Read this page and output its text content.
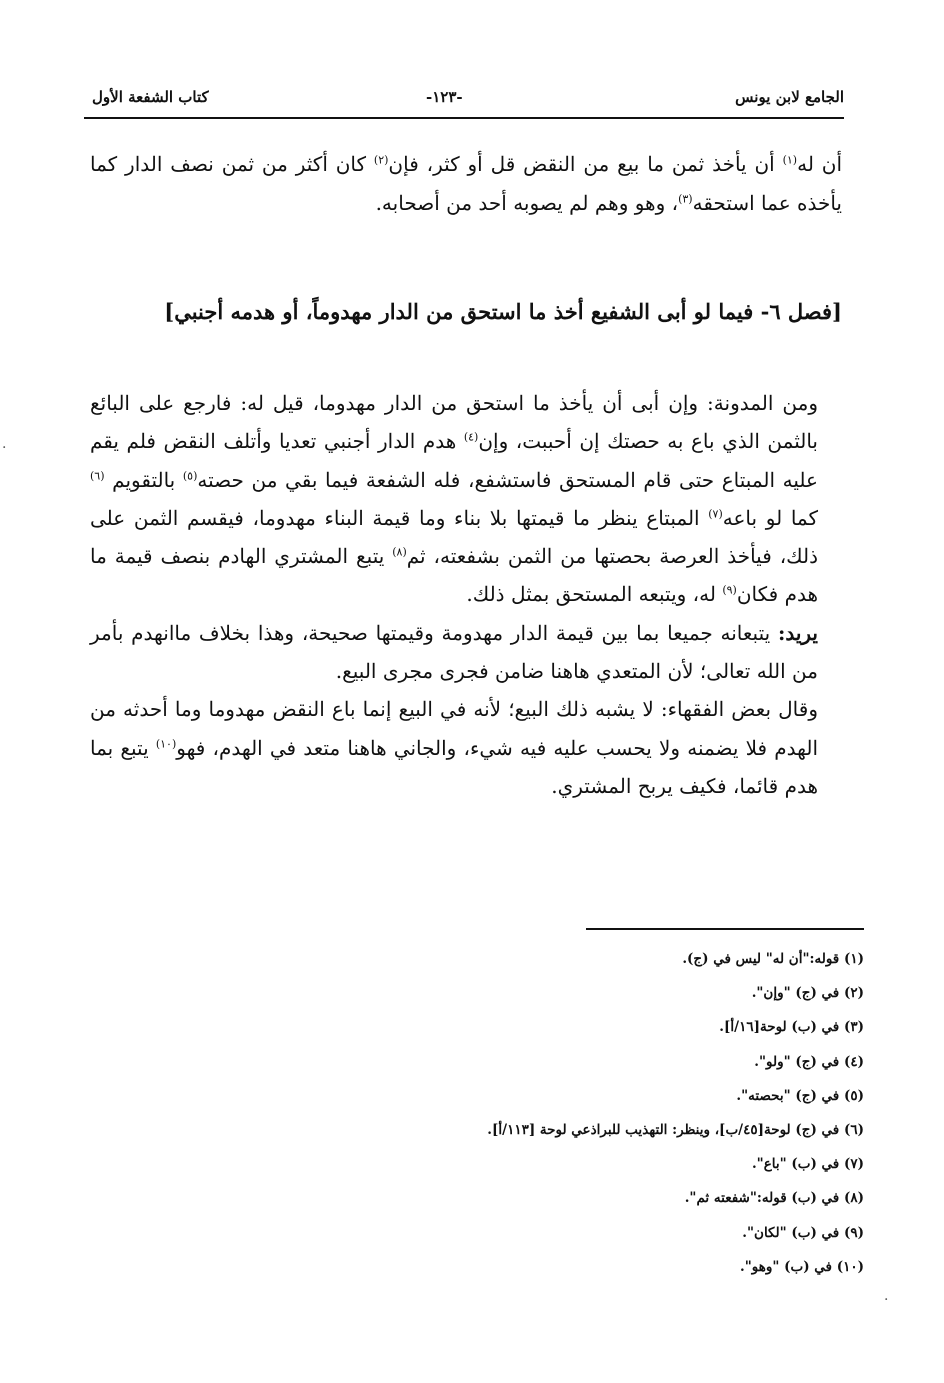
الجامع لابن يونس
-١٢٣-
كتاب الشفعة الأول

أن له$^{(١)}$ أن يأخذ ثمن ما بيع من النقض قل أو كثر، فإن$^{(٢)}$ كان أكثر من ثمن نصف الدار كما يأخذه عما استحقه$^{(٣)}$، وهو وهم لم يصوبه أحد من أصحابه.

[فصل ٦- فيما لو أبى الشفيع أخذ ما استحق من الدار مهدوماً، أو هدمه أجنبي]

ومن المدونة: وإن أبى أن يأخذ ما استحق من الدار مهدوما، قيل له: فارجع على البائع بالثمن الذي باع به حصتك إن أحببت، وإن$^{(٤)}$ هدم الدار أجنبي تعديا وأتلف النقض فلم يقم عليه المبتاع حتى قام المستحق فاستشفع، فله الشفعة فيما بقي من حصته$^{(٥)}$ بالتقويم $^{(٦)}$ كما لو باعه$^{(٧)}$ المبتاع ينظر ما قيمتها بلا بناء وما قيمة البناء مهدوما، فيقسم الثمن على ذلك، فيأخذ العرصة بحصتها من الثمن بشفعته، ثم$^{(٨)}$ يتبع المشتري الهادم بنصف قيمة ما هدم فكان$^{(٩)}$ له، ويتبعه المستحق بمثل ذلك.

يريد: يتبعانه جميعا بما بين قيمة الدار مهدومة وقيمتها صحيحة، وهذا بخلاف ماانهدم بأمر من الله تعالى؛ لأن المتعدي هاهنا ضامن فجرى مجرى البيع.

وقال بعض الفقهاء: لا يشبه ذلك البيع؛ لأنه في البيع إنما باع النقض مهدوما وما أحدثه من الهدم فلا يضمنه ولا يحسب عليه فيه شيء، والجاني هاهنا متعد في الهدم، فهو$^{(١٠)}$ يتبع بما هدم قائما، فكيف يربح المشتري.

(١) قوله:"أن له" ليس في (ج).
(٢) في (ج) "وإن".
(٣) في (ب) لوحة[١٦/أ].
(٤) في (ج) "ولو".
(٥) في (ج) "بحصته".
(٦) في (ج) لوحة[٤٥/ب]، وينظر: التهذيب للبراذعي لوحة [١١٣/أ].
(٧) في (ب) "باع".
(٨) في (ب) قوله:"شفعته ثم".
(٩) في (ب) "لكان".
(١٠) في (ب) "وهو".
·
·
